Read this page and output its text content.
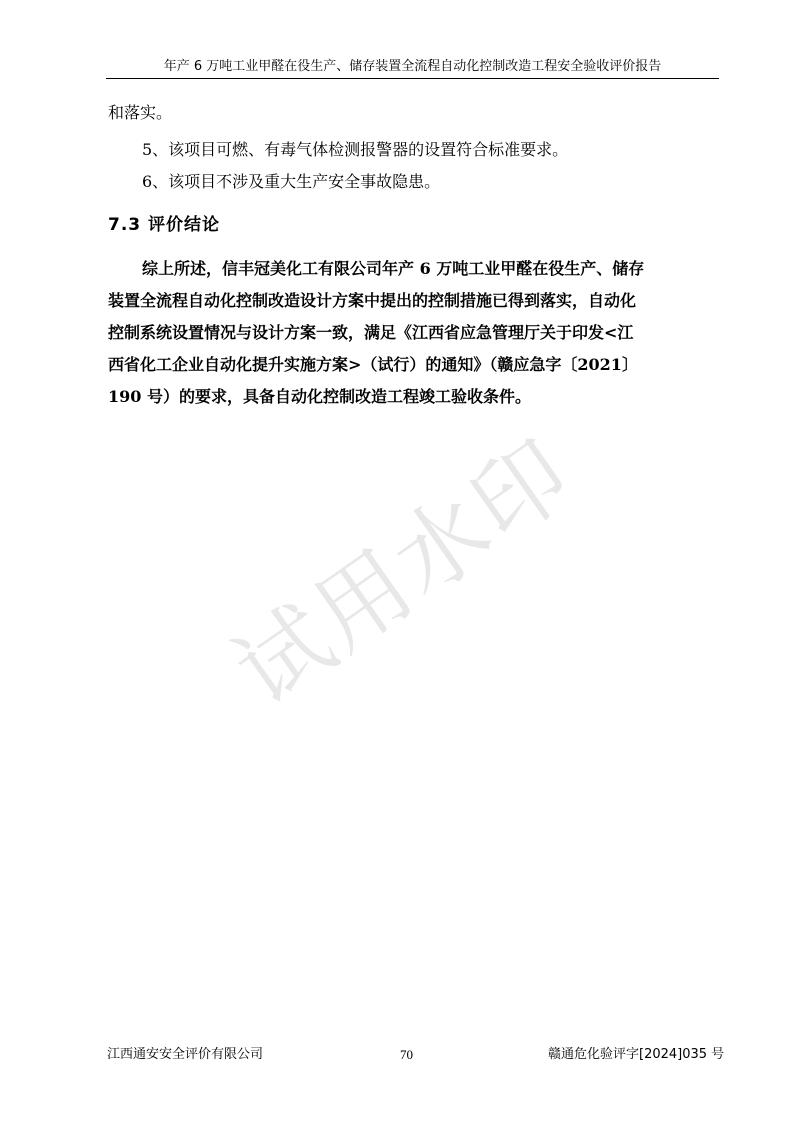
年产 6 万吨工业甲醛在役生产、储存装置全流程自动化控制改造工程安全验收评价报告
和落实。
5、该项目可燃、有毒气体检测报警器的设置符合标准要求。
6、该项目不涉及重大生产安全事故隐患。
7.3 评价结论
综上所述，信丰冠美化工有限公司年产 6 万吨工业甲醛在役生产、储存
装置全流程自动化控制改造设计方案中提出的控制措施已得到落实，自动化
控制系统设置情况与设计方案一致，满足《江西省应急管理厅关于印发<江
西省化工企业自动化提升实施方案>（试行）的通知》（赣应急字〔2021〕
190 号）的要求，具备自动化控制改造工程竣工验收条件。
试用水印
江西通安安全评价有限公司	70	赣通危化验评字[2024]035 号
